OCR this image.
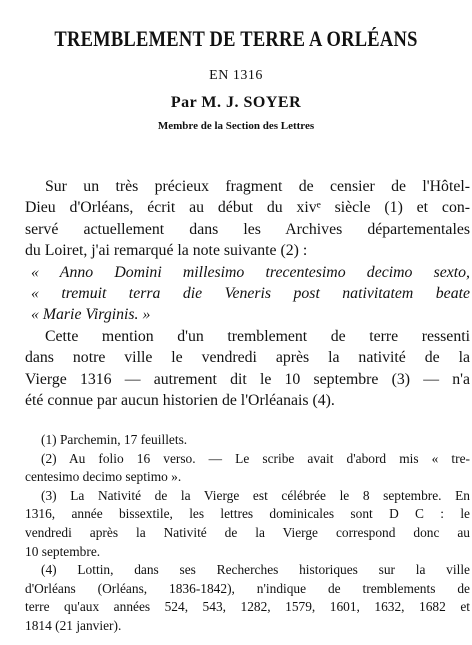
TREMBLEMENT DE TERRE A ORLÉANS
EN 1316
Par M. J. SOYER
Membre de la Section des Lettres
Sur un très précieux fragment de censier de l'Hôtel-
Dieu d'Orléans, écrit au début du xivᵉ siècle (1) et con-
servé actuellement dans les Archives départementales
du Loiret, j'ai remarqué la note suivante (2) :
« Anno Domini millesimo trecentesimo decimo sexto,
« tremuit terra die Veneris post nativitatem beate
« Marie Virginis. »
Cette mention d'un tremblement de terre ressenti
dans notre ville le vendredi après la nativité de la
Vierge 1316 — autrement dit le 10 septembre (3) — n'a
été connue par aucun historien de l'Orléanais (4).
(1) Parchemin, 17 feuillets.
(2) Au folio 16 verso. — Le scribe avait d'abord mis « tre-
centesimo decimo septimo ».
(3) La Nativité de la Vierge est célébrée le 8 septembre. En
1316, année bissextile, les lettres dominicales sont D C : le
vendredi après la Nativité de la Vierge correspond donc au
10 septembre.
(4) Lottin, dans ses Recherches historiques sur la ville
d'Orléans (Orléans, 1836-1842), n'indique de tremblements de
terre qu'aux années 524, 543, 1282, 1579, 1601, 1632, 1682 et
1814 (21 janvier).
